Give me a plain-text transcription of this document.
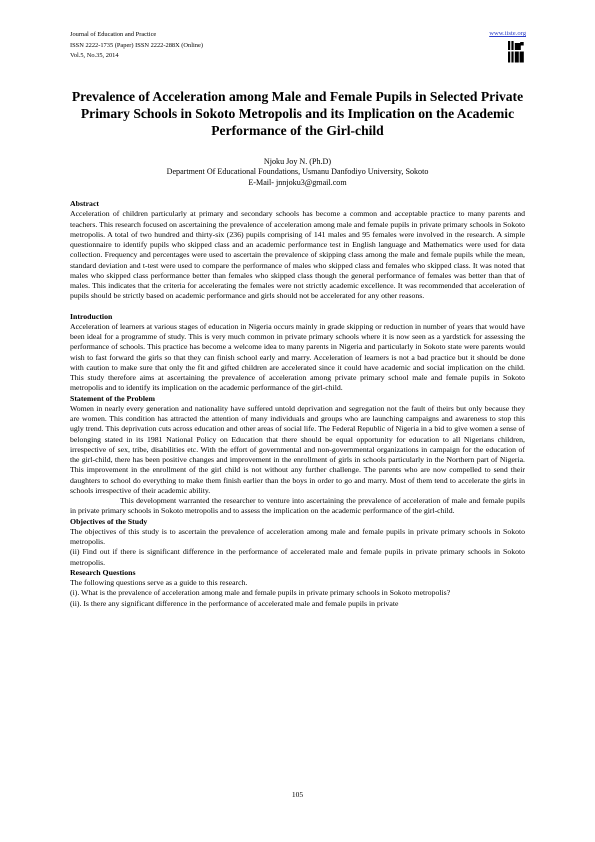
Journal of Education and Practice
ISSN 2222-1735 (Paper) ISSN 2222-288X (Online)
Vol.5, No.35, 2014
www.iiste.org
Prevalence of Acceleration among Male and Female Pupils in Selected Private Primary Schools in Sokoto Metropolis and its Implication on the Academic Performance of the Girl-child
Njoku Joy N. (Ph.D)
Department Of Educational Foundations, Usmanu Danfodiyo University, Sokoto
E-Mail- jnnjoku3@gmail.com
Abstract

Acceleration of children particularly at primary and secondary schools has become a common and acceptable practice to many parents and teachers. This research focused on ascertaining the prevalence of acceleration among male and female pupils in private primary schools in Sokoto metropolis. A total of two hundred and thirty-six (236) pupils comprising of 141 males and 95 females were involved in the research. A simple questionnaire to identify pupils who skipped class and an academic performance test in English language and Mathematics were used for data collection. Frequency and percentages were used to ascertain the prevalence of skipping class among the male and female pupils while the mean, standard deviation and t-test were used to compare the performance of males who skipped class and females who skipped class. It was noted that males who skipped class performance better than females who skipped class though the general performance of females was better than that of males. This indicates that the criteria for accelerating the females were not strictly academic excellence. It was recommended that acceleration of pupils should be strictly based on academic performance and girls should not be accelerated for any other reasons.

Introduction

Acceleration of learners at various stages of education in Nigeria occurs mainly in grade skipping or reduction in number of years that would have been ideal for a programme of study. This is very much common in private primary schools where it is now seen as a yardstick for assessing the performance of schools. This practice has become a welcome idea to many parents in Nigeria and particularly in Sokoto state were parents would wish to fast forward the girls so that they can finish school early and marry. Acceleration of learners is not a bad practice but it should be done with caution to make sure that only the fit and gifted children are accelerated since it could have academic and social implication on the child. This study therefore aims at ascertaining the prevalence of acceleration among private primary school male and female pupils in Sokoto metropolis and to identify its implication on the academic performance of the girl-child.

Statement of the Problem

Women in nearly every generation and nationality have suffered untold deprivation and segregation not the fault of theirs but only because they are women. This condition has attracted the attention of many individuals and groups who are launching campaigns and awareness to stop this ugly trend. This deprivation cuts across education and other areas of social life. The Federal Republic of Nigeria in a bid to give women a sense of belonging stated in its 1981 National Policy on Education that there should be equal opportunity for education to all Nigerians children, irrespective of sex, tribe, disabilities etc. With the effort of governmental and non-governmental organizations in campaign for the education of the girl-child, there has been positive changes and improvement in the enrollment of girls in schools particularly in the Northern part of Nigeria. This improvement in the enrollment of the girl child is not without any further challenge. The parents who are now compelled to send their daughters to school do everything to make them finish earlier than the boys in order to go and marry. Most of them tend to accelerate the girls in schools irrespective of their academic ability.

This development warranted the researcher to venture into ascertaining the prevalence of acceleration of male and female pupils in private primary schools in Sokoto metropolis and to assess the implication on the academic performance of the girl-child.

Objectives of the Study

The objectives of this study is to ascertain the prevalence of acceleration among male and female pupils in private primary schools in Sokoto metropolis.

(ii) Find out if there is significant difference in the performance of accelerated male and female pupils in private primary schools in Sokoto metropolis.

Research Questions

The following questions serve as a guide to this research.

(i). What is the prevalence of acceleration among male and female pupils in private primary schools in Sokoto metropolis?

(ii). Is there any significant difference in the performance of accelerated male and female pupils in private

105
